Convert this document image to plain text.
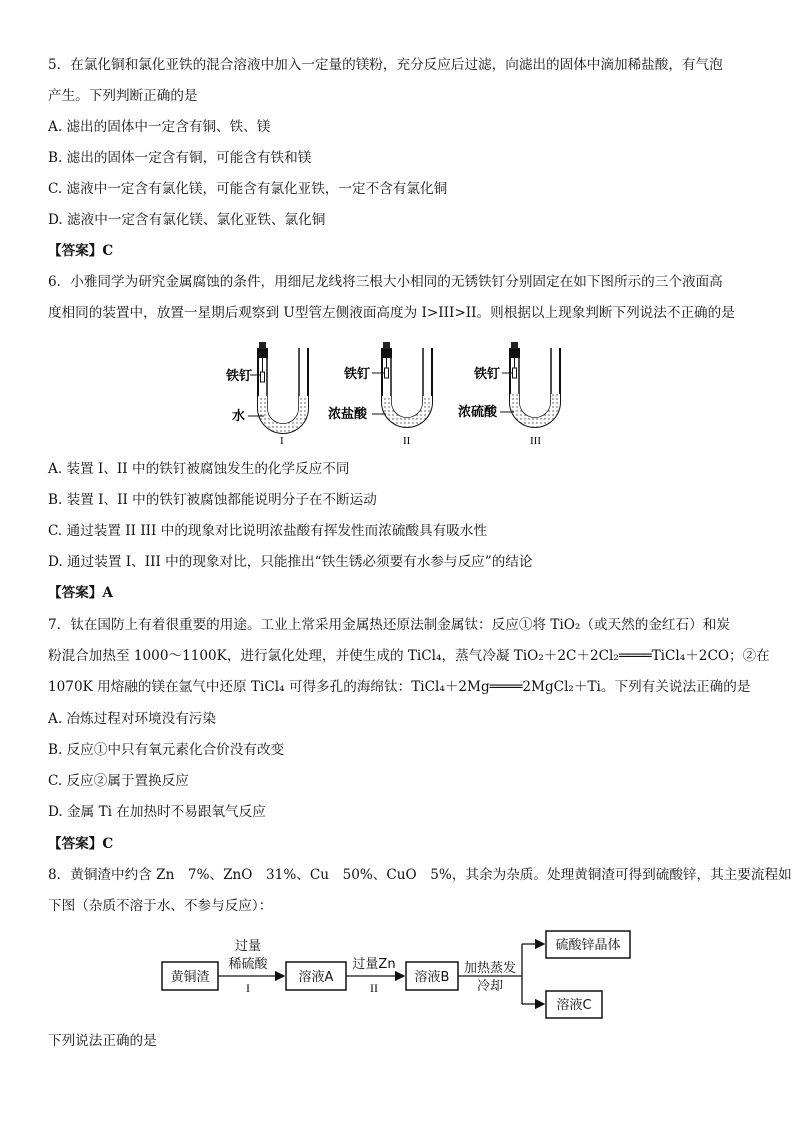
5．在氯化铜和氯化亚铁的混合溶液中加入一定量的镁粉，充分反应后过滤，向滤出的固体中滴加稀盐酸，有气泡
产生。下列判断正确的是
A. 滤出的固体中一定含有铜、铁、镁
B. 滤出的固体一定含有铜，可能含有铁和镁
C. 滤液中一定含有氯化镁，可能含有氯化亚铁，一定不含有氯化铜
D. 滤液中一定含有氯化镁、氯化亚铁、氯化铜
【答案】C
6．小雅同学为研究金属腐蚀的条件，用细尼龙线将三根大小相同的无锈铁钉分别固定在如下图所示的三个液面高
度相同的装置中，放置一星期后观察到 U型管左侧液面高度为 I>III>II。则根据以上现象判断下列说法不正确的是
铁钉
水
I
铁钉
浓盐酸
II
铁钉
浓硫酸
III
A. 装置 I、II 中的铁钉被腐蚀发生的化学反应不同
B. 装置 I、II 中的铁钉被腐蚀都能说明分子在不断运动
C. 通过装置 II III 中的现象对比说明浓盐酸有挥发性而浓硫酸具有吸水性
D. 通过装置 I、III 中的现象对比，只能推出“铁生锈必须要有水参与反应”的结论
【答案】A
7．钛在国防上有着很重要的用途。工业上常采用金属热还原法制金属钛：反应①将 TiO₂（或天然的金红石）和炭
粉混合加热至 1000～1100K，进行氯化处理，并使生成的 TiCl₄，蒸气冷凝 TiO₂＋2C＋2Cl₂════TiCl₄＋2CO；②在
1070K 用熔融的镁在氩气中还原 TiCl₄ 可得多孔的海绵钛：TiCl₄＋2Mg════2MgCl₂＋Ti。下列有关说法正确的是
A. 冶炼过程对环境没有污染
B. 反应①中只有氧元素化合价没有改变
C. 反应②属于置换反应
D. 金属 Ti 在加热时不易跟氧气反应
【答案】C
8．黄铜渣中约含 Zn　7%、ZnO　31%、Cu　50%、CuO　5%，其余为杂质。处理黄铜渣可得到硫酸锌，其主要流程如
下图（杂质不溶于水、不参与反应）：
黄铜渣
过量
稀硫酸
I
溶液A
过量Zn
II
溶液B
加热蒸发
冷却
硫酸锌晶体
溶液C
下列说法正确的是
